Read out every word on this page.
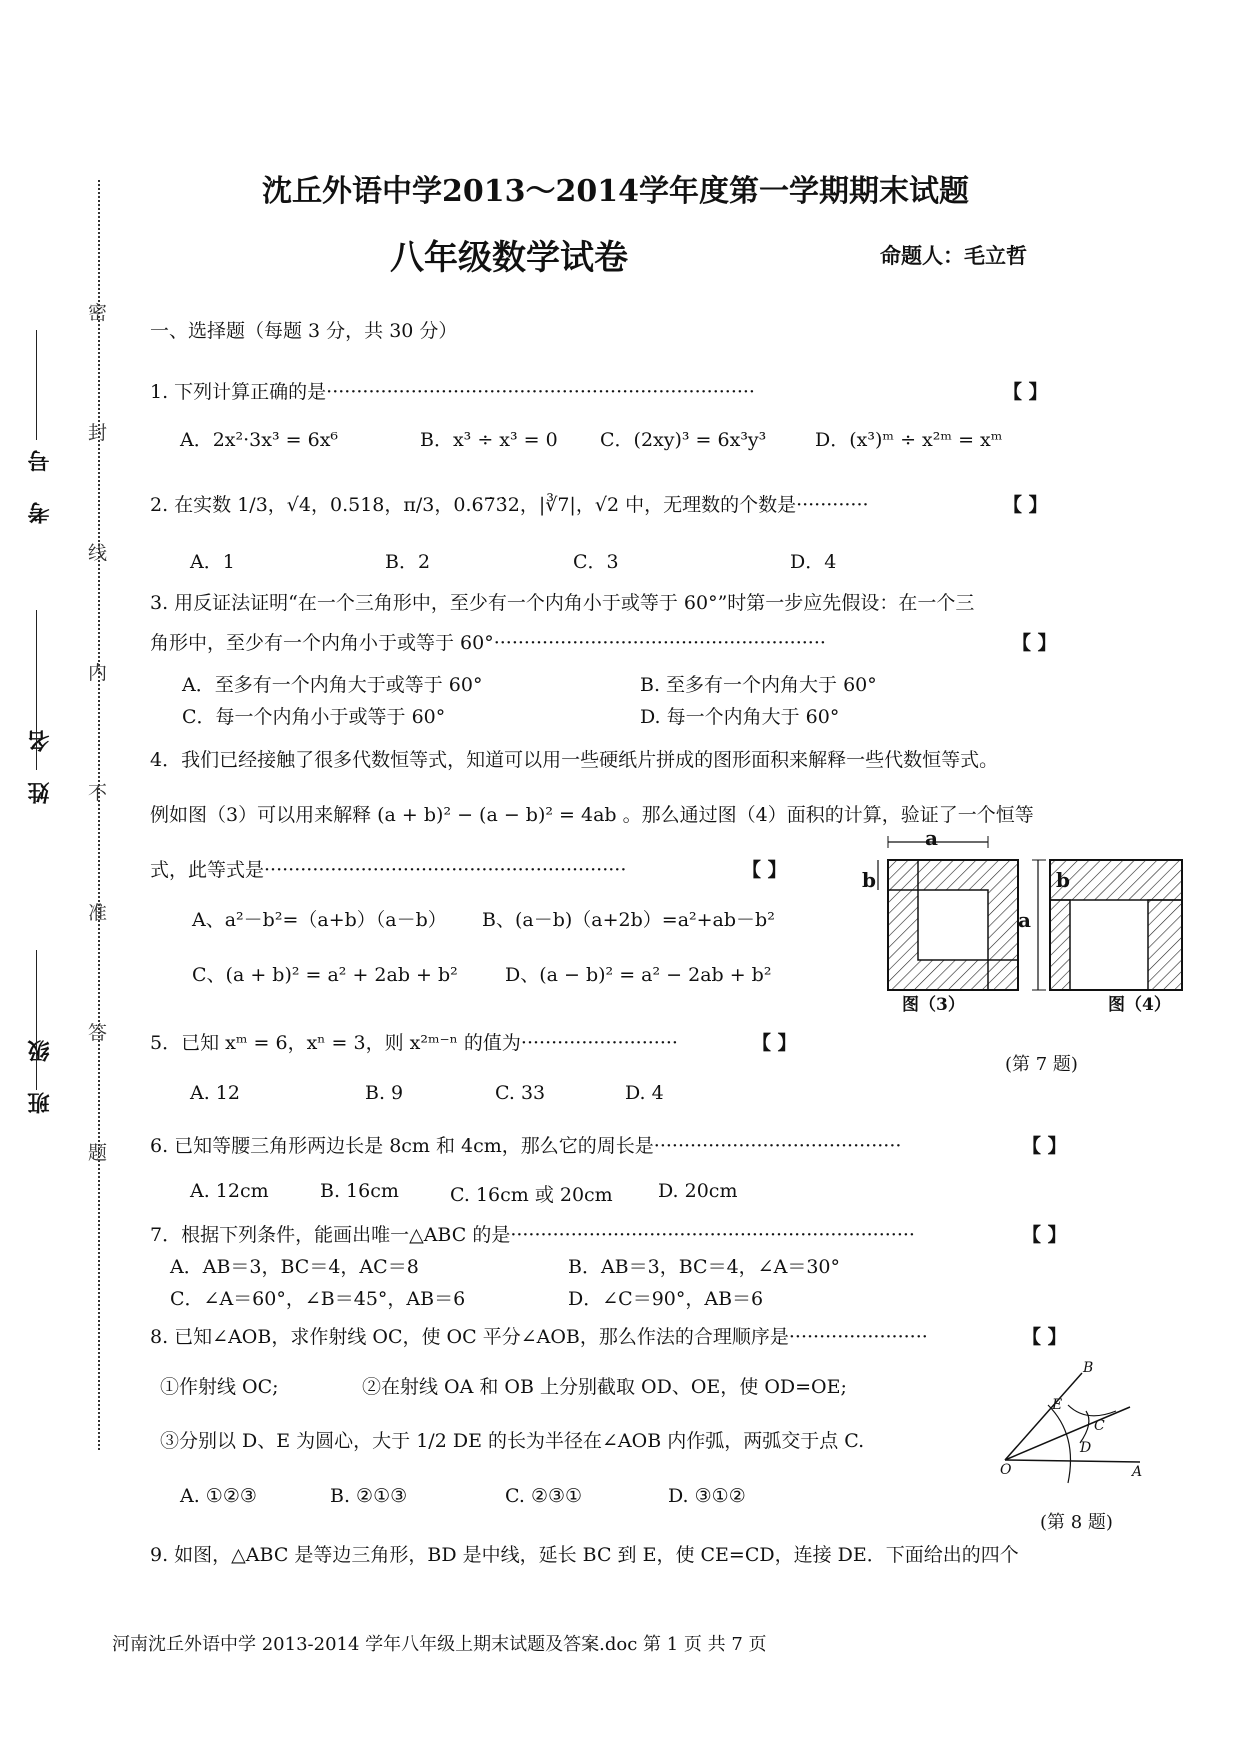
密
封
线
内
不
准
答
题
考号
姓名
班级
沈丘外语中学2013～2014学年度第一学期期末试题
八年级数学试卷	命题人：毛立哲
一、选择题（每题 3 分，共 30 分）
1. 下列计算正确的是·······································································	【 】
A．2x²·3x³ = 6x⁶	B．x³ ÷ x³ = 0 C．(2xy)³ = 6x³y³	D．(x³)ᵐ ÷ x²ᵐ = xᵐ
2. 在实数 1/3，√4，0.518，π/3，0.67̇3̇2，|∛7|，√2 中，无理数的个数是············	【 】
A．1	B．2	C．3	D．4
3. 用反证法证明“在一个三角形中，至少有一个内角小于或等于 60°”时第一步应先假设：在一个三
角形中，至少有一个内角小于或等于 60°·······················································	【 】
A．至多有一个内角大于或等于 60°	B. 至多有一个内角大于 60°
C．每一个内角小于或等于 60°	D. 每一个内角大于 60°
4．我们已经接触了很多代数恒等式，知道可以用一些硬纸片拼成的图形面积来解释一些代数恒等式。
例如图（3）可以用来解释 (a + b)² − (a − b)² = 4ab 。那么通过图（4）面积的计算，验证了一个恒等
式，此等式是····························································	【 】
A、a²－b²=（a+b）（a－b） B、(a－b)（a+2b）=a²+ab－b²
C、(a + b)² = a² + 2ab + b² D、(a − b)² = a² − 2ab + b²
a
b	b
a
图（3）	图（4）
(第 7 题)
5．已知 xᵐ = 6，xⁿ = 3，则 x²ᵐ⁻ⁿ 的值为··························	【 】
A. 12	B. 9	C. 33	D. 4
6. 已知等腰三角形两边长是 8cm 和 4cm，那么它的周长是·········································	【 】
A. 12cm	B. 16cm	C. 16cm 或 20cm D. 20cm
7．根据下列条件，能画出唯一△ABC 的是···································································	【 】
A．AB＝3，BC＝4，AC＝8	B．AB＝3，BC＝4，∠A＝30°
C．∠A＝60°，∠B＝45°，AB＝6	D．∠C＝90°，AB＝6
8. 已知∠AOB，求作射线 OC，使 OC 平分∠AOB，那么作法的合理顺序是·······················	【 】
①作射线 OC;	②在射线 OA 和 OB 上分别截取 OD、OE，使 OD=OE;
③分别以 D、E 为圆心，大于 1/2 DE 的长为半径在∠AOB 内作弧，两弧交于点 C.
A. ①②③	B. ②①③	C. ②③①	D. ③①②
B
E
C
D
O	A
(第 8 题)
9. 如图，△ABC 是等边三角形，BD 是中线，延长 BC 到 E，使 CE=CD，连接 DE．下面给出的四个
河南沈丘外语中学 2013-2014 学年八年级上期末试题及答案.doc 第 1 页 共 7 页
